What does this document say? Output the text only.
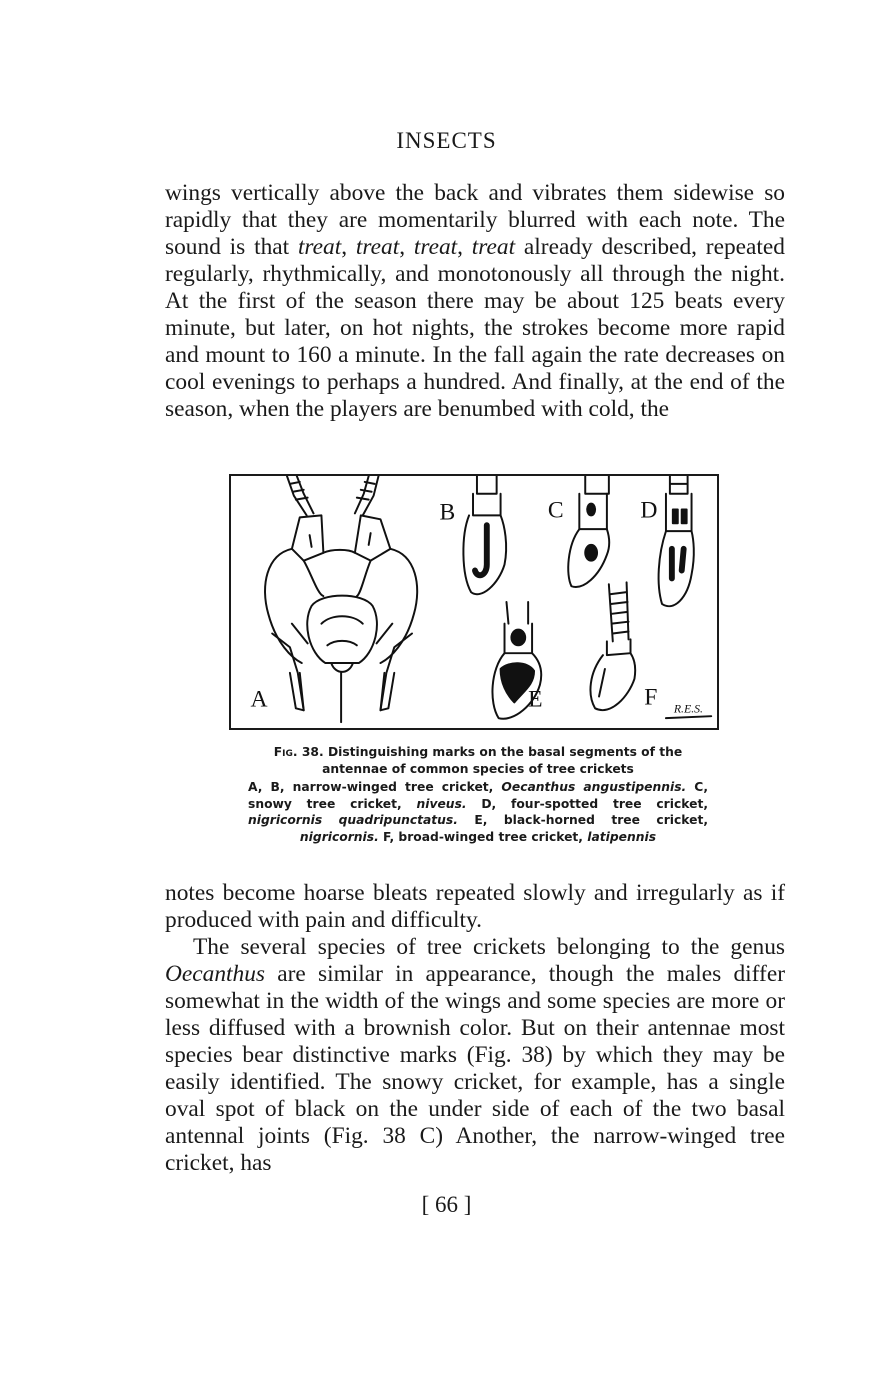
INSECTS

wings vertically above the back and vibrates them sidewise so rapidly that they are momentarily blurred with each note. The sound is that treat, treat, treat, treat already described, repeated regularly, rhythmically, and monotonously all through the night. At the first of the season there may be about 125 beats every minute, but later, on hot nights, the strokes become more rapid and mount to 160 a minute. In the fall again the rate decreases on cool evenings to perhaps a hundred. And finally, at the end of the season, when the players are benumbed with cold, the

A
B	C	D
E	F R.E.S.

Fig. 38. Distinguishing marks on the basal segments of the antennae of common species of tree crickets

A, B, narrow-winged tree cricket, Oecanthus angustipennis. C, snowy tree cricket, niveus. D, four-spotted tree cricket, nigricornis quadripunctatus. E, black-horned tree cricket, nigricornis. F, broad-winged tree cricket, latipennis

notes become hoarse bleats repeated slowly and irregularly as if produced with pain and difficulty.

The several species of tree crickets belonging to the genus Oecanthus are similar in appearance, though the males differ somewhat in the width of the wings and some species are more or less diffused with a brownish color. But on their antennae most species bear distinctive marks (Fig. 38) by which they may be easily identified. The snowy cricket, for example, has a single oval spot of black on the under side of each of the two basal antennal joints (Fig. 38 C) Another, the narrow-winged tree cricket, has

[ 66 ]
